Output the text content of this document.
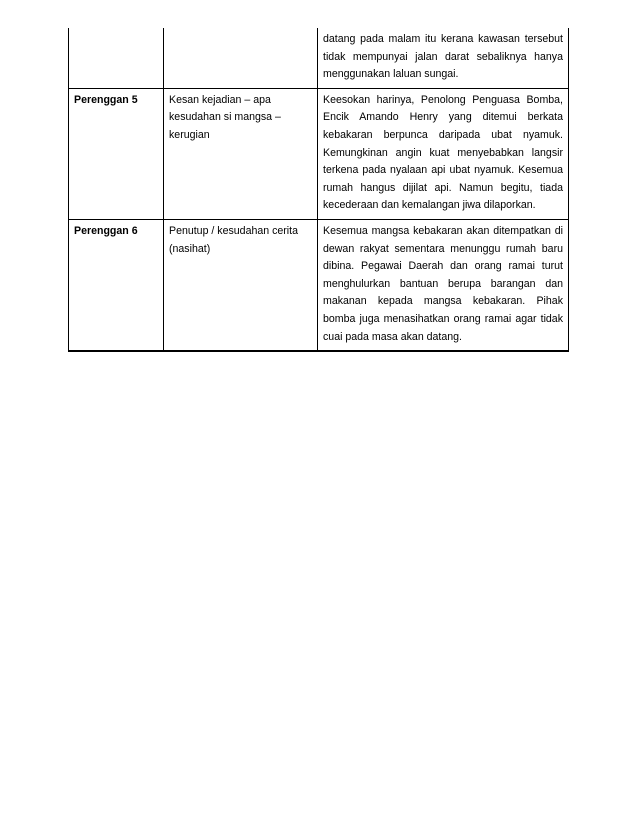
		datang pada malam itu kerana kawasan tersebut tidak mempunyai jalan darat sebaliknya hanya menggunakan laluan sungai.
Perenggan 5	Kesan kejadian – apa kesudahan si mangsa – kerugian	Keesokan harinya, Penolong Penguasa Bomba, Encik Amando Henry yang ditemui berkata kebakaran berpunca daripada ubat nyamuk. Kemungkinan angin kuat menyebabkan langsir terkena pada nyalaan api ubat nyamuk. Kesemua rumah hangus dijilat api. Namun begitu, tiada kecederaan dan kemalangan jiwa dilaporkan.
Perenggan 6	Penutup / kesudahan cerita (nasihat)	Kesemua mangsa kebakaran akan ditempatkan di dewan rakyat sementara menunggu rumah baru dibina. Pegawai Daerah dan orang ramai turut menghulurkan bantuan berupa barangan dan makanan kepada mangsa kebakaran. Pihak bomba juga menasihatkan orang ramai agar tidak cuai pada masa akan datang.
